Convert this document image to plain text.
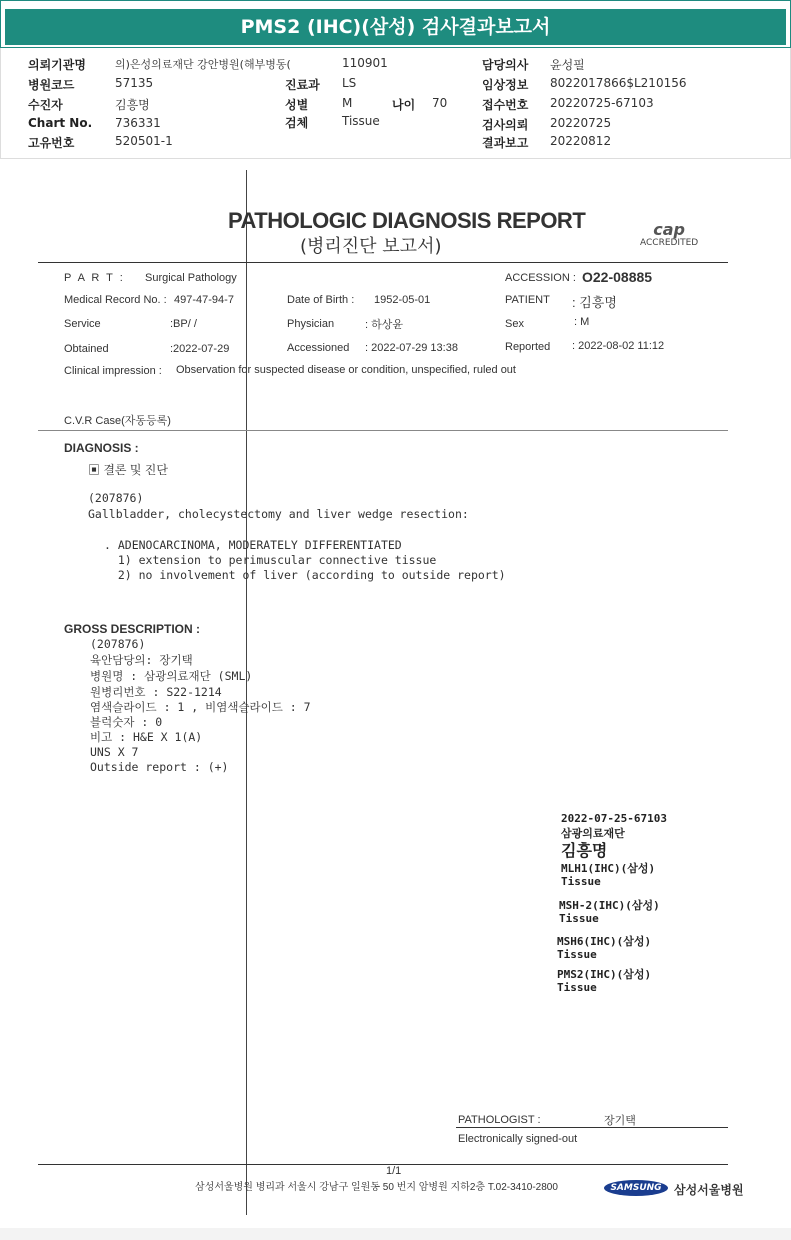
PMS2 (IHC)(삼성) 검사결과보고서
의뢰기관명	의)은성의료재단 강안병원(해부병동(	110901	담당의사 윤성필
병원코드	57135	진료과 LS	임상정보 8022017866$L210156
수진자	김흥명	성별	M	나이 70	접수번호 20220725-67103
Chart No. 736331	검체	Tissue	검사의뢰 20220725
고유번호	520501-1	결과보고 20220812
PATHOLOGIC DIAGNOSIS REPORT
(병리진단 보고서)
cap
ACCREDITED
P A R T : Surgical Pathology	ACCESSION : O22-08885
Medical Record No. : 497-47-94-7	Date of Birth : 1952-05-01	PATIENT : 김흥명
Service	:BP/ /	Physician	: 하상윤	Sex	: M
Obtained	:2022-07-29	Accessioned : 2022-07-29 13:38	Reported : 2022-08-02 11:12
Clinical impression : Observation for suspected disease or condition, unspecified, ruled out
C.V.R Case(자동등록)
DIAGNOSIS :
▣ 결론 및 진단
(207876)
Gallbladder, cholecystectomy and liver wedge resection:
. ADENOCARCINOMA, MODERATELY DIFFERENTIATED
1) extension to perimuscular connective tissue
2) no involvement of liver (according to outside report)
GROSS DESCRIPTION :
(207876)
육안담당의: 장기택
병원명 : 삼광의료재단 (SML)
원병리번호 : S22-1214
염색슬라이드 : 1 , 비염색슬라이드 : 7
블럭숫자 : 0
비고 : H&E X 1(A)
UNS X 7
Outside report : (+)
2022-07-25-67103
삼광의료재단
김흥명
MLH1(IHC)(삼성)
Tissue
MSH-2(IHC)(삼성)
Tissue
MSH6(IHC)(삼성)
Tissue
PMS2(IHC)(삼성)
Tissue
PATHOLOGIST :	장기택
Electronically signed-out
1/1
삼성서울병원 병리과 서울시 강남구 일원동 50 번지 암병원 지하2층 T.02-3410-2800	SAMSUNG	삼성서울병원
